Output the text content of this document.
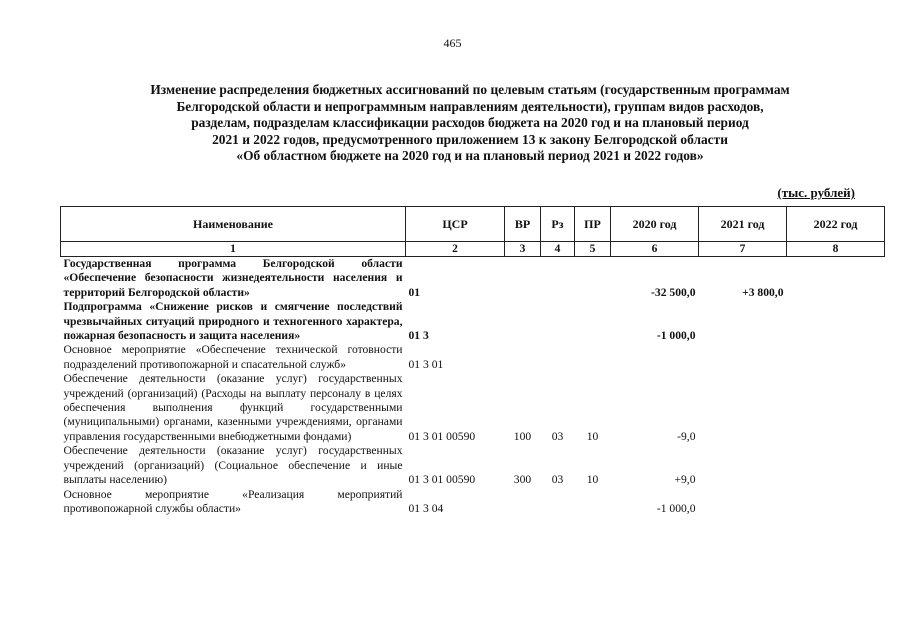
465
Изменение распределения бюджетных ассигнований по целевым статьям (государственным программам
Белгородской области и непрограммным направлениям деятельности), группам видов расходов,
разделам, подразделам классификации расходов бюджета на 2020 год и на плановый период
2021 и 2022 годов, предусмотренного приложением 13 к закону Белгородской области
«Об областном бюджете на 2020 год и на плановый период 2021 и 2022 годов»
(тыс. рублей)
Наименование	ЦСР	ВР	Рз	ПР	2020 год	2021 год	2022 год
1	2	3	4	5	6	7	8
Государственная программа Белгородской области «Обеспечение безопасности жизнедеятельности населения и территорий Белгородской области»	01				-32 500,0	+3 800,0	
Подпрограмма «Снижение рисков и смягчение последствий чрезвычайных ситуаций природного и техногенного характера, пожарная безопасность и защита населения»	01 3				-1 000,0		
Основное мероприятие «Обеспечение технической готовности подразделений противопожарной и спасательной служб»	01 3 01						
Обеспечение деятельности (оказание услуг) государственных учреждений (организаций) (Расходы на выплату персоналу в целях обеспечения выполнения функций государственными (муниципальными) органами, казенными учреждениями, органами управления государственными внебюджетными фондами)	01 3 01 00590	100	03	10	-9,0		
Обеспечение деятельности (оказание услуг) государственных учреждений (организаций) (Социальное обеспечение и иные выплаты населению)	01 3 01 00590	300	03	10	+9,0		
Основное мероприятие «Реализация мероприятий противопожарной службы области»	01 3 04				-1 000,0		
